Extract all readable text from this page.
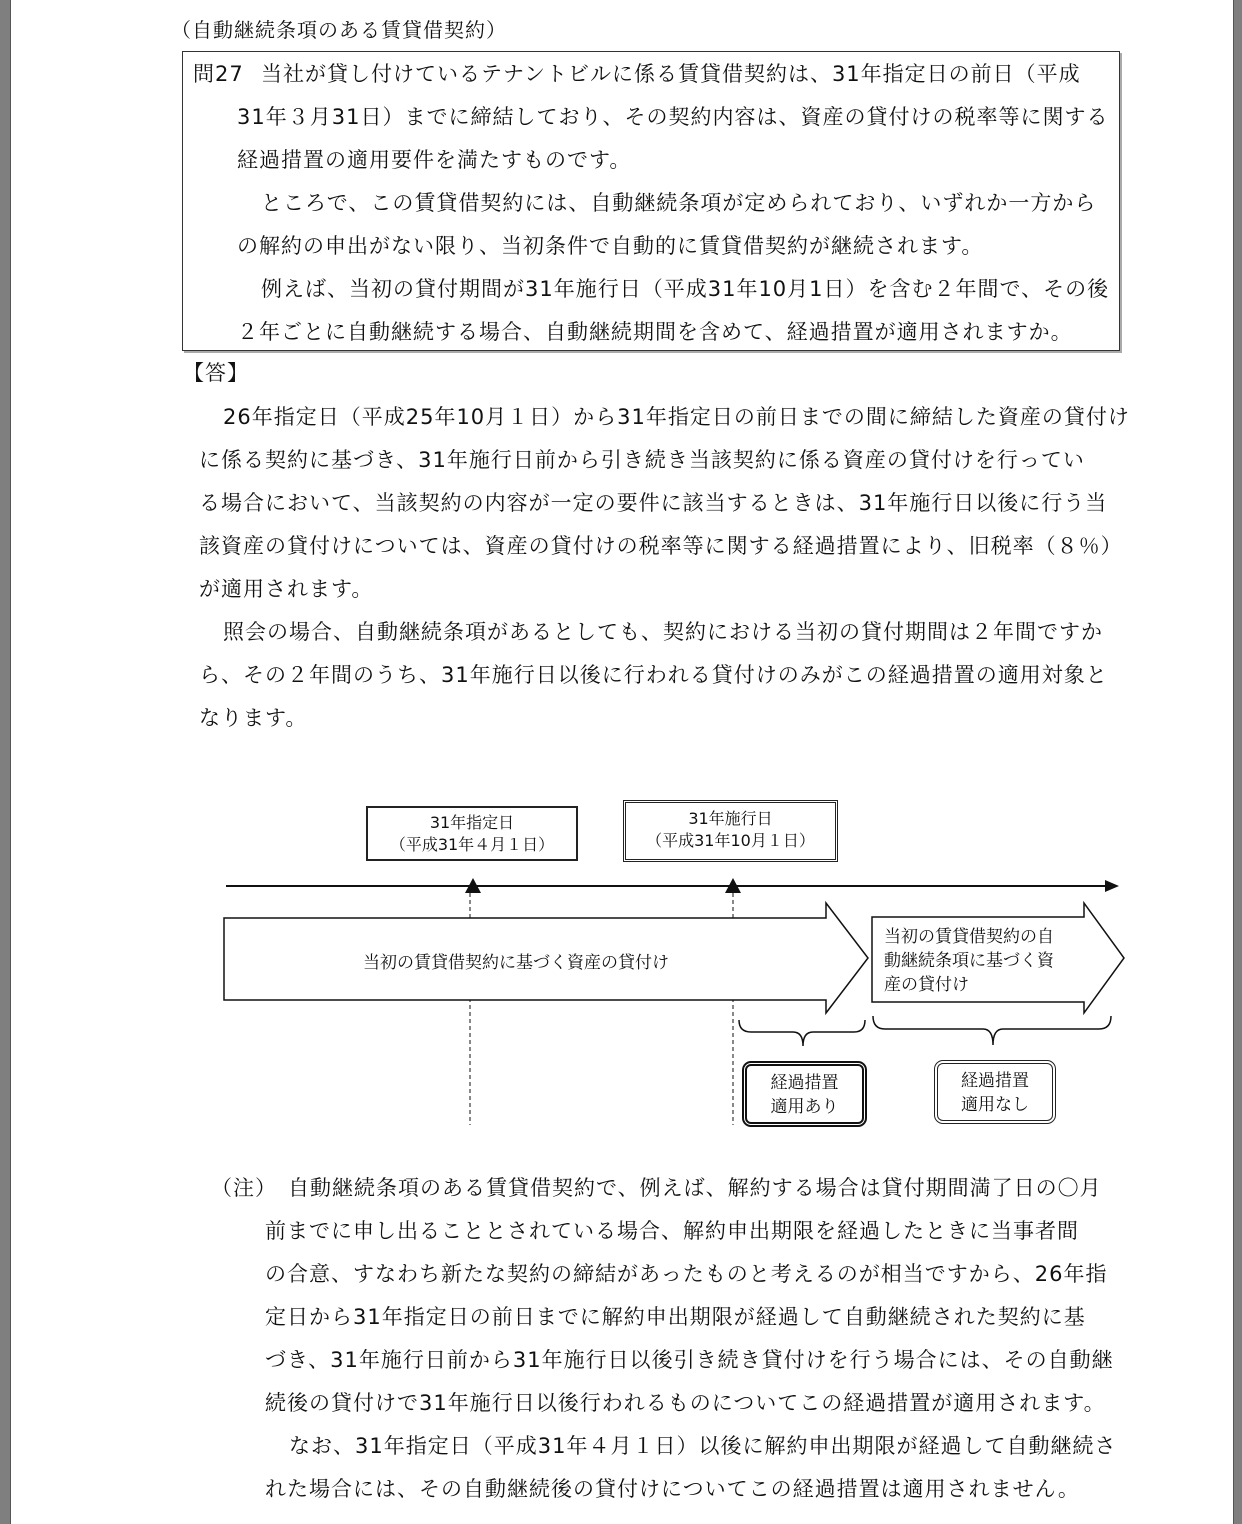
（自動継続条項のある賃貸借契約）
問27 当社が貸し付けているテナントビルに係る賃貸借契約は、31年指定日の前日（平成
31年３月31日）までに締結しており、その契約内容は、資産の貸付けの税率等に関する
経過措置の適用要件を満たすものです。
ところで、この賃貸借契約には、自動継続条項が定められており、いずれか一方から
の解約の申出がない限り、当初条件で自動的に賃貸借契約が継続されます。
例えば、当初の貸付期間が31年施行日（平成31年10月1日）を含む２年間で、その後
２年ごとに自動継続する場合、自動継続期間を含めて、経過措置が適用されますか。
【答】
26年指定日（平成25年10月１日）から31年指定日の前日までの間に締結した資産の貸付け
に係る契約に基づき、31年施行日前から引き続き当該契約に係る資産の貸付けを行ってい
る場合において、当該契約の内容が一定の要件に該当するときは、31年施行日以後に行う当
該資産の貸付けについては、資産の貸付けの税率等に関する経過措置により、旧税率（８％）
が適用されます。
照会の場合、自動継続条項があるとしても、契約における当初の貸付期間は２年間ですか
ら、その２年間のうち、31年施行日以後に行われる貸付けのみがこの経過措置の適用対象と
なります。
31年指定日
（平成31年４月１日）
31年施行日
（平成31年10月１日）
当初の賃貸借契約に基づく資産の貸付け
当初の賃貸借契約の自
動継続条項に基づく資
産の貸付け
経過措置
適用あり
経過措置
適用なし
（注） 自動継続条項のある賃貸借契約で、例えば、解約する場合は貸付期間満了日の〇月
前までに申し出ることとされている場合、解約申出期限を経過したときに当事者間
の合意、すなわち新たな契約の締結があったものと考えるのが相当ですから、26年指
定日から31年指定日の前日までに解約申出期限が経過して自動継続された契約に基
づき、31年施行日前から31年施行日以後引き続き貸付けを行う場合には、その自動継
続後の貸付けで31年施行日以後行われるものについてこの経過措置が適用されます。
なお、31年指定日（平成31年４月１日）以後に解約申出期限が経過して自動継続さ
れた場合には、その自動継続後の貸付けについてこの経過措置は適用されません。
